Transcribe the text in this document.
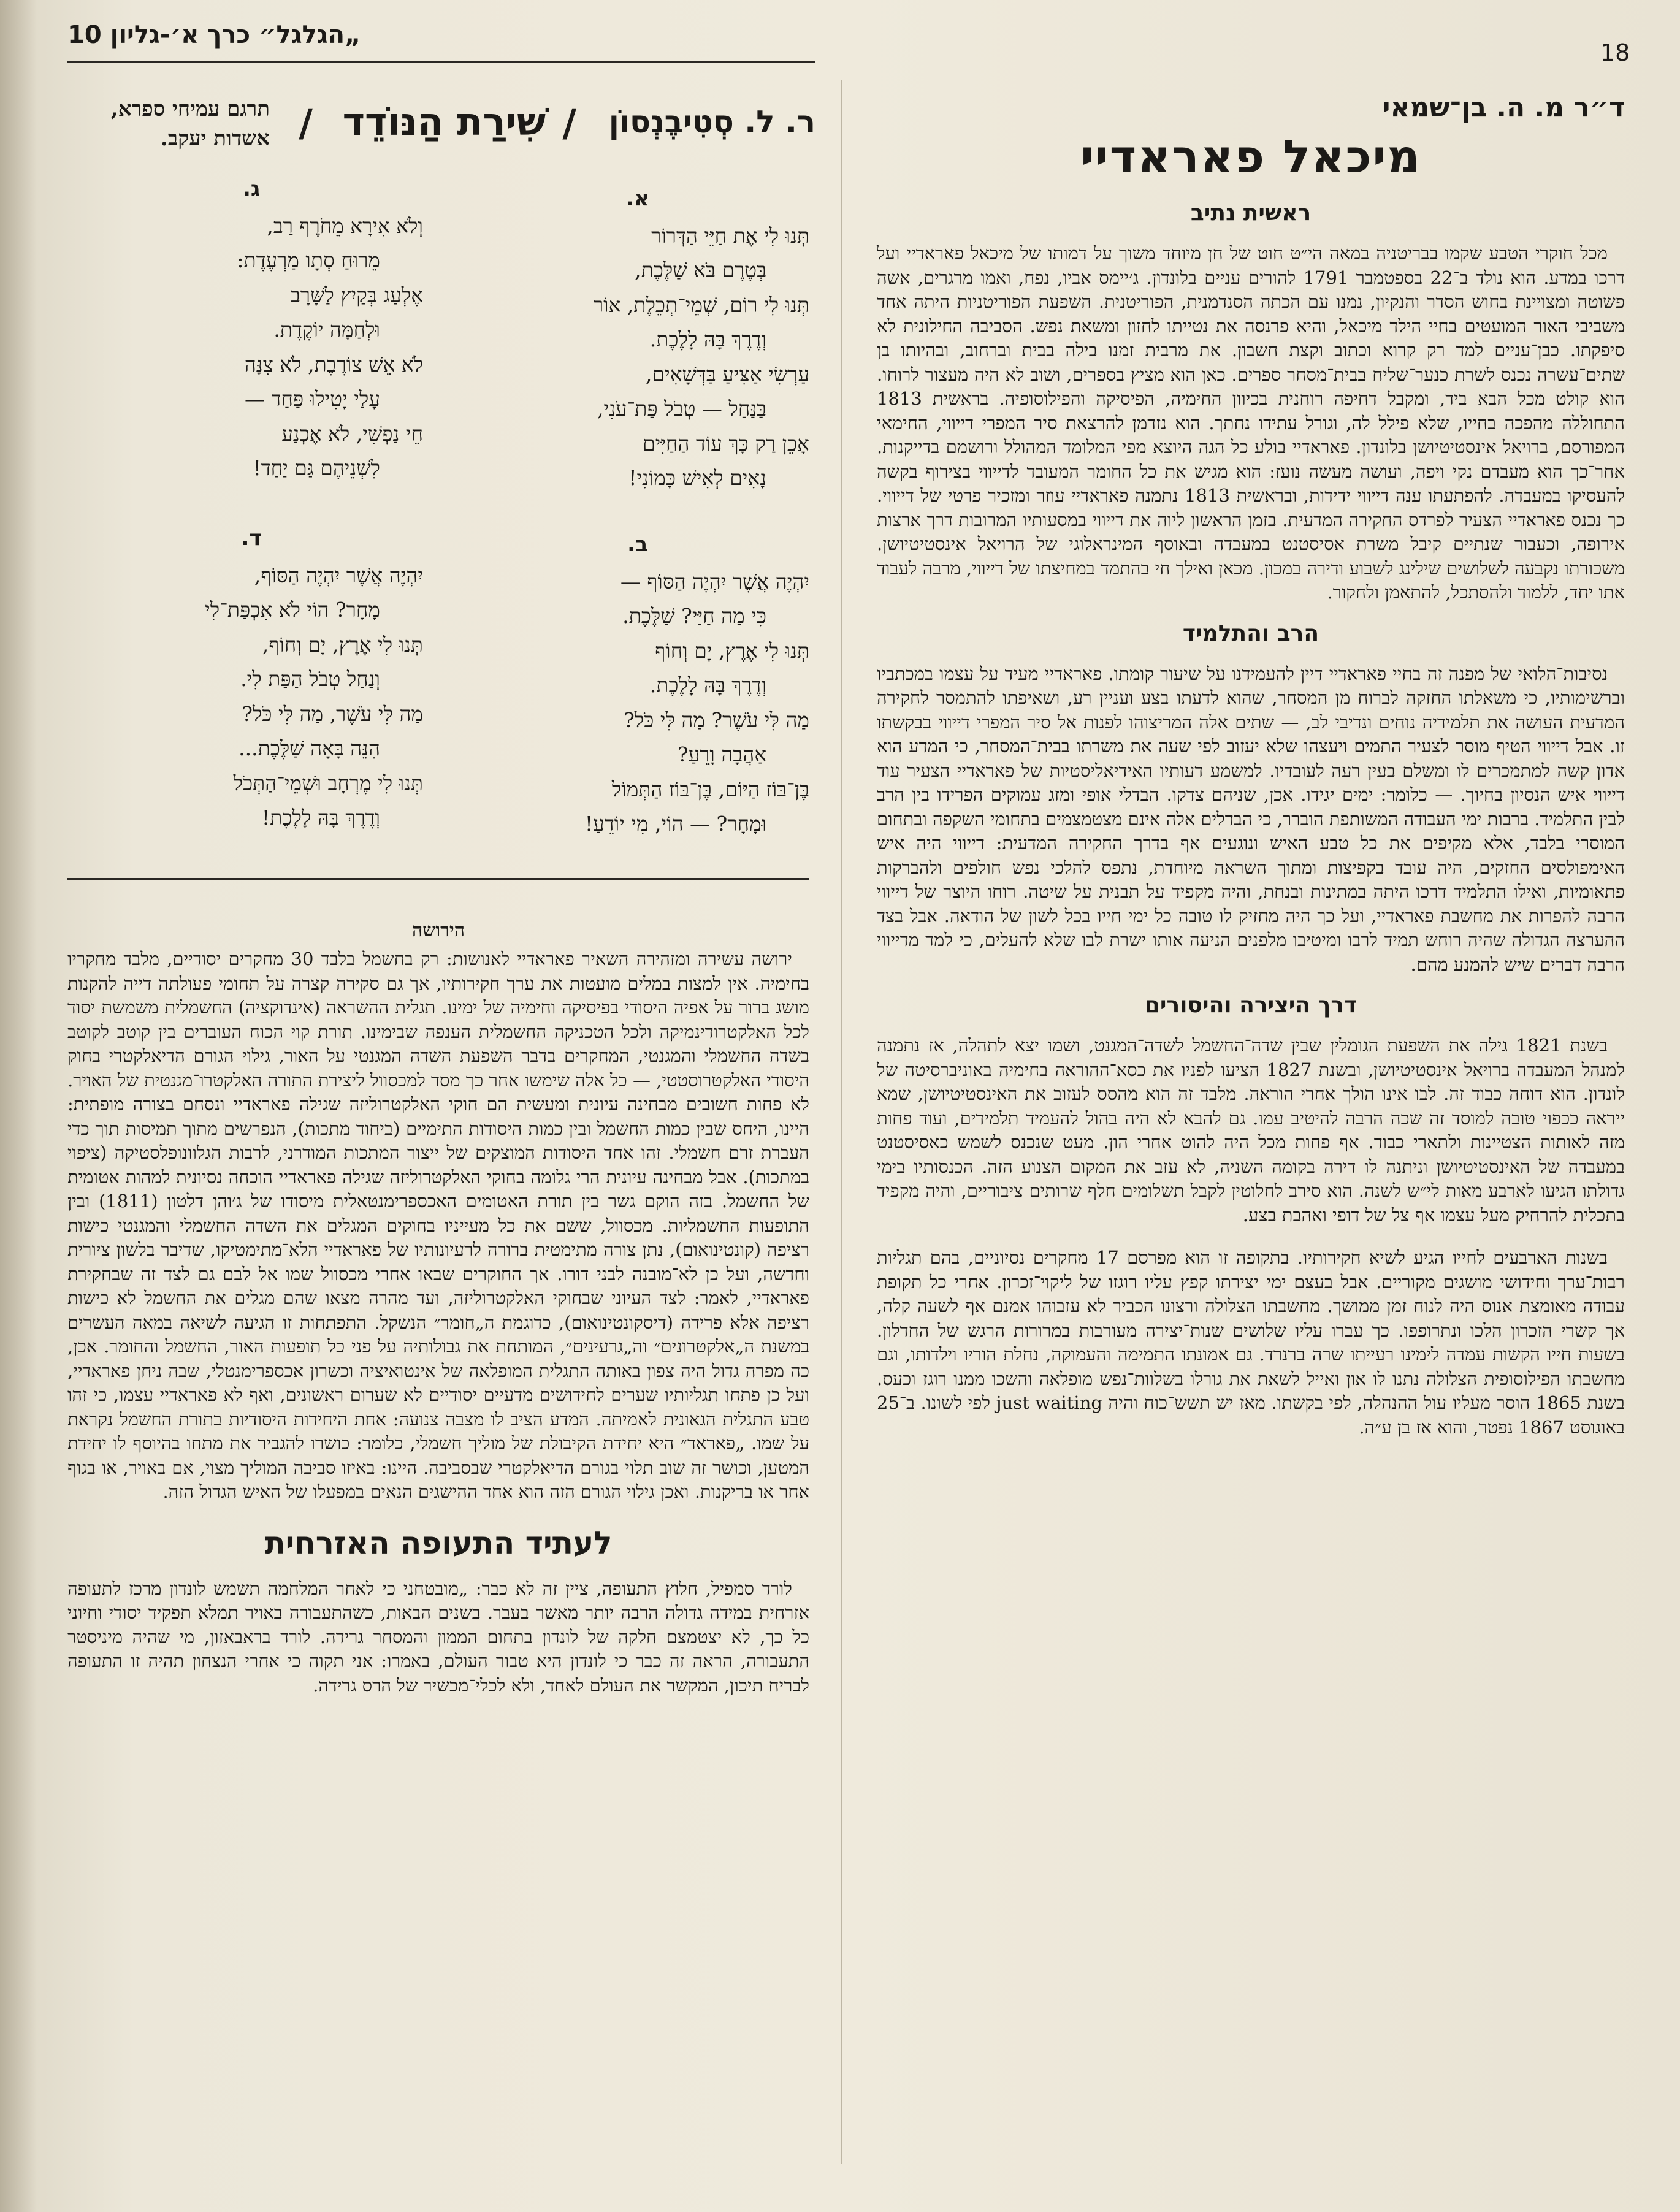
„הגלגל״ כרך א׳-גליון 10
18
ד״ר מ. ה. בן־שמאי
מיכאל פאראדיי
ראשית נתיב

מכל חוקרי הטבע שקמו בבריטניה במאה הי״ט חוט של חן מיוחד משוך על דמותו של מיכאל פאראדיי ועל דרכו במדע. הוא נולד ב־22 בספטמבר 1791 להורים עניים בלונדון. ג׳יימס אביו, נפח, ואמו מרגרים, אשה פשוטה ומצויינת בחוש הסדר והנקיון, נמנו עם הכתה הסנדמנית, הפוריטנית. השפעת הפוריטניות היתה אחד משביבי האור המועטים בחיי הילד מיכאל, והיא פרנסה את נטייתו לחזון ומשאת נפש. הסביבה החילונית לא סיפקתו. כבן־עניים למד רק קרוא וכתוב וקצת חשבון. את מרבית זמנו בילה בבית וברחוב, ובהיותו בן שתים־עשרה נכנס לשרת כנער־שליח בבית־מסחר ספרים. כאן הוא מציץ בספרים, ושוב לא היה מעצור לרוחו. הוא קולט מכל הבא ביד, ומקבל דחיפה רוחנית בכיוון החימיה, הפיסיקה והפילוסופיה. בראשית 1813 התחוללה מהפכה בחייו, שלא פילל לה, וגורל עתידו נחתך. הוא נזדמן להרצאת סיר המפרי דייווי, החימאי המפורסם, ברויאל אינסטיטיושן בלונדון. פאראדיי בולע כל הגה היוצא מפי המלומד המהולל ורושמם בדייקנות. אחר־כך הוא מעבדם נקי ויפה, ועושה מעשה נועז: הוא מגיש את כל החומר המעובד לדייווי בצירוף בקשה להעסיקו במעבדה. להפתעתו ענה דייווי ידידות, ובראשית 1813 נתמנה פאראדיי עוזר ומזכיר פרטי של דייווי. כך נכנס פאראדיי הצעיר לפרדס החקירה המדעית. בזמן הראשון ליוה את דייווי במסעותיו המרובות דרך ארצות אירופה, וכעבור שנתיים קיבל משרת אסיסטנט במעבדה ובאוסף המינראלוגי של הרויאל אינסטיטיושן. משכורתו נקבעה לשלושים שילינג לשבוע ודירה במכון. מכאן ואילך חי בהתמד במחיצתו של דייווי, מרבה לעבוד אתו יחד, ללמוד ולהסתכל, להתאמן ולחקור.

הרב והתלמיד

נסיבות־הלואי של מפנה זה בחיי פאראדיי דיין להעמידנו על שיעור קומתו. פאראדיי מעיד על עצמו במכתביו וברשימותיו, כי משאלתו החזקה לברוח מן המסחר, שהוא לדעתו בצע ועניין רע, ושאיפתו להתמסר לחקירה המדעית העושה את תלמידיה נוחים ונדיבי לב, — שתים אלה המריצוהו לפנות אל סיר המפרי דייווי בבקשתו זו. אבל דייווי הטיף מוסר לצעיר התמים ויעצהו שלא יעזוב לפי שעה את משרתו בבית־המסחר, כי המדע הוא אדון קשה למתמכרים לו ומשלם בעין רעה לעובדיו. למשמע דעותיו האידיאליסטיות של פאראדיי הצעיר עוד דייווי איש הנסיון בחיוך. — כלומר: ימים יגידו. אכן, שניהם צדקו. הבדלי אופי ומזג עמוקים הפרידו בין הרב לבין התלמיד. ברבות ימי העבודה המשותפת הוברר, כי הבדלים אלה אינם מצטמצמים בתחומי השקפה ובתחום המוסרי בלבד, אלא מקיפים את כל טבע האיש ונוגעים אף בדרך החקירה המדעית: דייווי היה איש האימפולסים החזקים, היה עובד בקפיצות ומתוך השראה מיוחדת, נתפס להלכי נפש חולפים ולהברקות פתאומיות, ואילו התלמיד דרכו היתה במתינות ובנחת, והיה מקפיד על תבנית על שיטה. רוחו היוצר של דייווי הרבה להפרות את מחשבת פאראדיי, ועל כך היה מחזיק לו טובה כל ימי חייו בכל לשון של הודאה. אבל בצד ההערצה הגדולה שהיה רוחש תמיד לרבו ומיטיבו מלפנים הניעה אותו ישרת לבו שלא להעלים, כי למד מדייווי הרבה דברים שיש להמנע מהם.

דרך היצירה והיסורים

בשנת 1821 גילה את השפעת הגומלין שבין שדה־החשמל לשדה־המגנט, ושמו יצא לתהלה, אז נתמנה למנהל המעבדה ברויאל אינסטיטיושן, ובשנת 1827 הציעו לפניו את כסא־ההוראה בחימיה באוניברסיטה של לונדון. הוא דוחה כבוד זה. לבו אינו הולך אחרי הוראה. מלבד זה הוא מהסס לעזוב את האינסטיטיושן, שמא ייראה ככפוי טובה למוסד זה שכה הרבה להיטיב עמו. גם להבא לא היה בהול להעמיד תלמידים, ועוד פחות מזה לאותות הצטיינות ולתארי כבוד. אף פחות מכל היה להוט אחרי הון. מעט שנכנס לשמש כאסיסטנט במעבדה של האינסטיטיושן וניתנה לו דירה בקומה השניה, לא עזב את המקום הצנוע הזה. הכנסותיו בימי גדולתו הגיעו לארבע מאות לי״ש לשנה. הוא סירב לחלוטין לקבל תשלומים חלף שרותים ציבוריים, והיה מקפיד בתכלית להרחיק מעל עצמו אף צל של דופי ואהבת בצע.

בשנות הארבעים לחייו הגיע לשיא חקירותיו. בתקופה זו הוא מפרסם 17 מחקרים נסיוניים, בהם תגליות רבות־ערך וחידושי מושגים מקוריים. אבל בעצם ימי יצירתו קפץ עליו רוגזו של ליקוי־זכרון. אחרי כל תקופת עבודה מאומצת אנוס היה לנוח זמן ממושך. מחשבתו הצלולה ורצונו הכביר לא עזבוהו אמנם אף לשעה קלה, אך קשרי הזכרון הלכו ונתרופפו. כך עברו עליו שלושים שנות־יצירה מעורבות במרורות הרגש של החדלון. בשעות חייו הקשות עמדה לימינו רעייתו שרה ברנרד. גם אמונתו התמימה והעמוקה, נחלת הוריו וילדותו, וגם מחשבתו הפילוסופית הצלולה נתנו לו און ואייל לשאת את גורלו בשלוות־נפש מופלאה והשכו ממנו רוגז וכעס. בשנת 1865 הוסר מעליו עול ההנהלה, לפי בקשתו. מאז יש תשש־כוח והיה just waiting לפי לשונו. ב־25 באוגוסט 1867 נפטר, והוא אז בן ע״ה.

ר. ל. סְטִיבֶנְסוֹן
/
שִׁירַת הַנּוֹדֵד
/
תרגם עמיחי ספרא,
אשדות יעקב.
א.
תְּנוּ לִי אֶת חַיֵּי הַדְּרוֹר
בְּטֶרֶם בֹּא שַׁלֶּכֶת,
תְּנוּ לִי רוֹם, שְׁמֵי־תְכֵלֶת, אוֹר
וְדֶרֶךְ בָּהּ לָלֶכֶת.
עַרְשִׂי אַצִּיעַ בַּדְּשָׁאִים,
בַּנַּחַל — טְבֹל פַּת־עֹנִי,
אָכֵן רַק כָּךְ עוֹד הַחַיִּים
נָאִים לְאִישׁ כָּמוֹנִי!
ב.
יִהְיֶה אֲשֶׁר יִהְיֶה הַסּוֹף —
כִּי מַה חַיַּי? שַׁלֶּכֶת.
תְּנוּ לִי אֶרֶץ, יָם וְחוֹף
וְדֶרֶךְ בָּהּ לָלֶכֶת.
מַה לִּי עֹשֶׁר? מַה לִּי כֹּל?
אַהֲבָה וָרֵעַ?
בֶּן־בּוֹז הַיּוֹם, בֶּן־בּוֹז הַתְּמוֹל
וּמָחָר? — הוֹי, מִי יוֹדֵעַ!
ג.
וְלֹא אִירָא מֵחֹרֶף רַב,
מֵרוּחַ סְתָו מַרְעֶדֶת:
אֶלְעַג בְּקַיִץ לַשָּׁרָב
וּלְחַמָּה יוֹקֶדֶת.
לֹא אֵשׁ צוֹרֶבֶת, לֹא צִנָּה
עָלַי יָטִילוּ פַּחַד —
חֵי נַפְשִׁי, לֹא אֶכְנַע
לִשְׁנֵיהֶם גַּם יַחַד!
ד.
יִהְיֶה אֲשֶׁר יִהְיֶה הַסּוֹף,
מָחָר? הוֹי לֹא אִכְפַּת־לִי
תְּנוּ לִי אֶרֶץ, יָם וְחוֹף,
וְנַחַל טְבֹל הַפַּת לִי.
מַה לִּי עֹשֶׁר, מַה לִּי כֹּל?
הִנֵּה בָּאָה שַׁלֶּכֶת...
תְּנוּ לִי מֶרְחָב וּשְׁמֵי־הַתְּכֹל
וְדֶרֶךְ בָּהּ לָלֶכֶת!
הירושה

ירושה עשירה ומזהירה השאיר פאראדיי לאנושות: רק בחשמל בלבד 30 מחקרים יסודיים, מלבד מחקריו בחימיה. אין למצות במלים מועטות את ערך חקירותיו, אך גם סקירה קצרה על תחומי פעולתה דייה להקנות מושג ברור על אפיה היסודי בפיסיקה וחימיה של ימינו. תגלית ההשראה (אינדוקציה) החשמלית משמשת יסוד לכל האלקטרודינמיקה ולכל הטכניקה החשמלית הענפה שבימינו. תורת קוי הכוח העוברים בין קוטב לקוטב בשדה החשמלי והמגנטי, המחקרים בדבר השפעת השדה המגנטי על האור, גילוי הגורם הדיאלקטרי בחוק היסודי האלקטרוסטטי, — כל אלה שימשו אחר כך מסד למכסוול ליצירת התורה האלקטרו־מגנטית של האויר. לא פחות חשובים מבחינה עיונית ומעשית הם חוקי האלקטרוליזה שגילה פאראדיי ונסחם בצורה מופתית: היינו, היחס שבין כמות החשמל ובין כמות היסודות התימיים (ביחוד מתכות), הנפרשים מתוך תמיסות תוך כדי העברת זרם חשמלי. זהו אחד היסודות המוצקים של ייצור המתכות המודרני, לרבות הגלוונופלסטיקה (ציפוי במתכות). אבל מבחינה עיונית הרי גלומה בחוקי האלקטרוליזה שגילה פאראדיי הוכחה נסיונית למהות אטומית של החשמל. בזה הוקם גשר בין תורת האטומים האכספרימנטאלית מיסודו של ג׳והן דלטון (1811) ובין התופעות החשמליות. מכסוול, ששם את כל מעייניו בחוקים המגלים את השדה החשמלי והמגנטי כישות רציפה (קונטינואום), נתן צורה מתימטית ברורה לרעיונותיו של פאראדיי הלא־מתימטיקו, שדיבר בלשון ציורית וחדשה, ועל כן לא־מובנה לבני דורו. אך החוקרים שבאו אחרי מכסוול שמו אל לבם גם לצד זה שבחקירת פאראדיי, לאמר: לצד העיוני שבחוקי האלקטרוליזה, ועד מהרה מצאו שהם מגלים את החשמל לא כישות רציפה אלא פרידה (דיסקונטינואום), כדוגמת ה„חומר״ הנשקל. התפתחות זו הגיעה לשיאה במאה העשרים במשנת ה„אלקטרונים״ וה„גרעינים״, המותחת את גבולותיה על פני כל תופעות האור, החשמל והחומר. אכן, כה מפרה גדול היה צפון באותה התגלית המופלאה של אינטואיציה וכשרון אכספרימנטלי, שבה ניחן פאראדיי, ועל כן פתחו תגליותיו שערים לחידושים מדעיים יסודיים לא שערום ראשונים, ואף לא פאראדיי עצמו, כי זהו טבע התגלית הגאונית לאמיתה. המדע הציב לו מצבה צנועה: אחת היחידות היסודיות בתורת החשמל נקראת על שמו. „פאראד״ היא יחידת הקיבולת של מוליך חשמלי, כלומר: כושרו להגביר את מתחו בהיוסף לו יחידת המטען, וכושר זה שוב תלוי בגורם הדיאלקטרי שבסביבה. היינו: באיזו סביבה המוליך מצוי, אם באויר, או בגוף אחר או בריקנות. ואכן גילוי הגורם הזה הוא אחד ההישגים הנאים במפעלו של האיש הגדול הזה.

לעתיד התעופה האזרחית

לורד סמפיל, חלוץ התעופה, ציין זה לא כבר: „מובטחני כי לאחר המלחמה תשמש לונדון מרכז לתעופה אזרחית במידה גדולה הרבה יותר מאשר בעבר. בשנים הבאות, כשהתעבורה באויר תמלא תפקיד יסודי וחיוני כל כך, לא יצטמצם חלקה של לונדון בתחום הממון והמסחר גרידה. לורד בראבאזון, מי שהיה מיניסטר התעבורה, הראה זה כבר כי לונדון היא טבור העולם, באמרו: אני תקוה כי אחרי הנצחון תהיה זו התעופה לבריח תיכון, המקשר את העולם לאחד, ולא לכלי־מכשיר של הרס גרידה.
